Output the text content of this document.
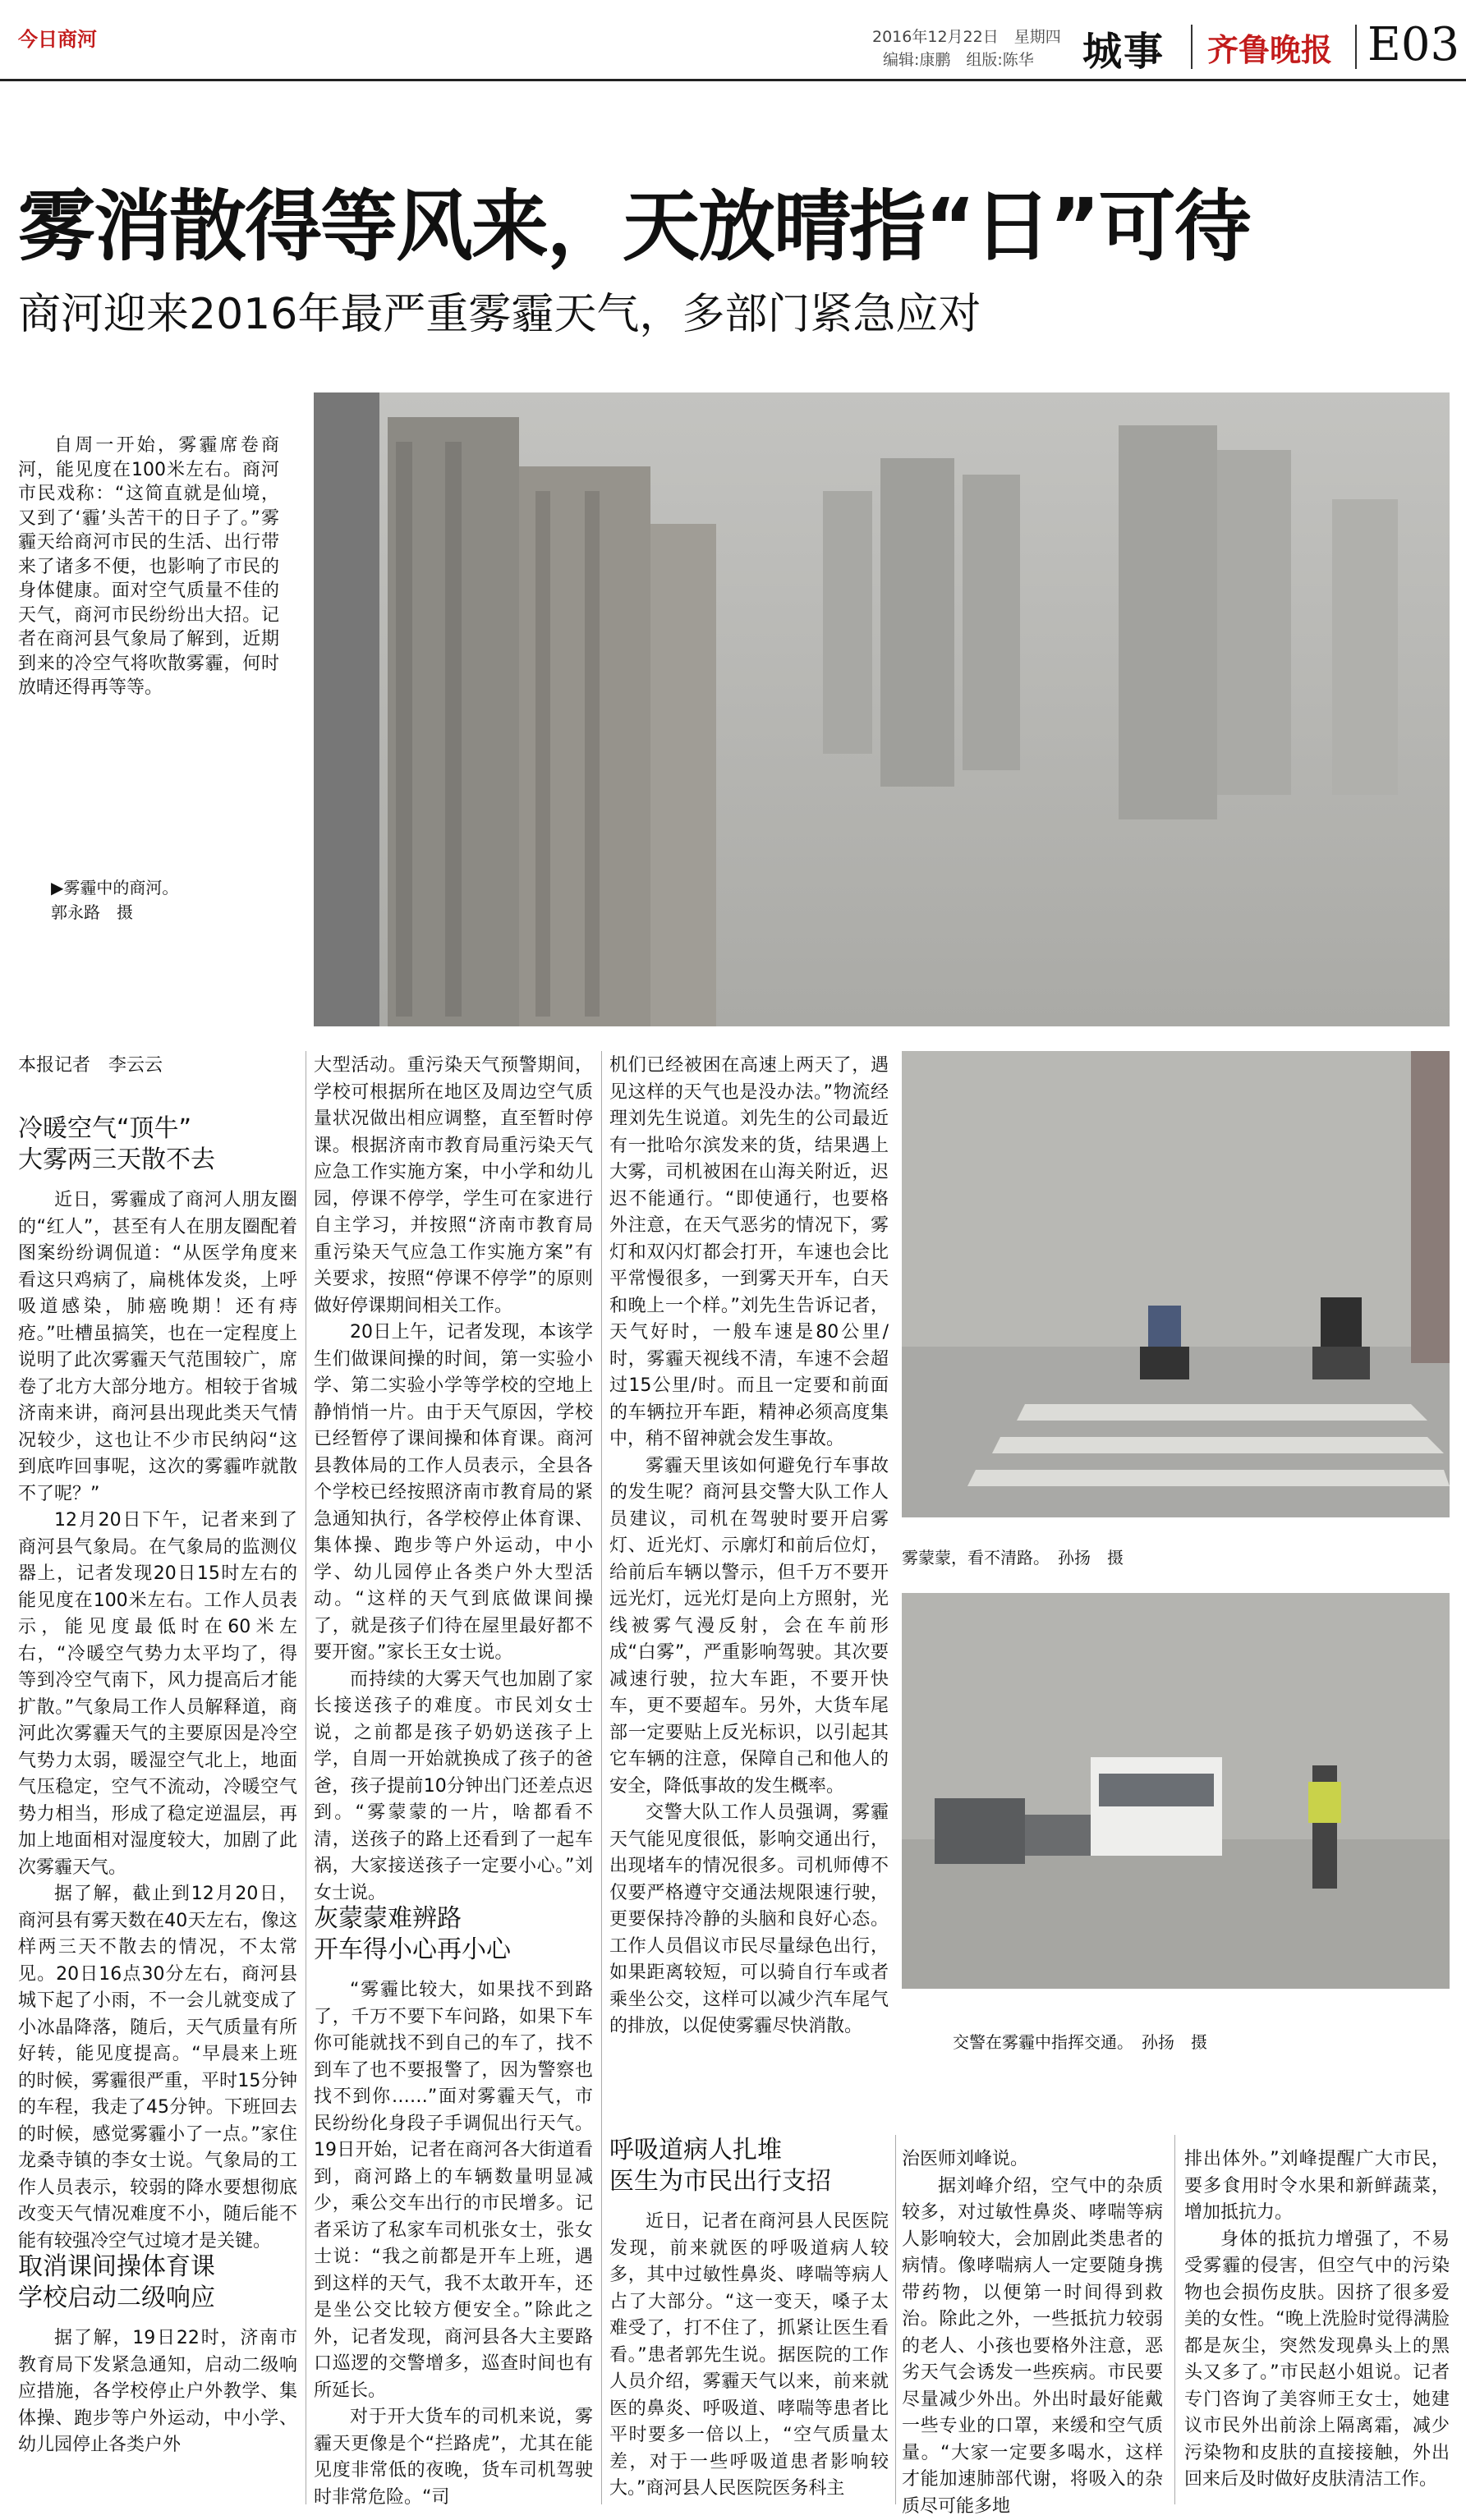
今日商河	2016年12月22日　星期四
编辑:康鹏　组版:陈华 城事 齐鲁晚报 E03
雾消散得等风来，天放晴指“日”可待
商河迎来2016年最严重雾霾天气，多部门紧急应对
自周一开始，雾霾席卷商河，能见度在100米左右。商河市民戏称：“这简直就是仙境，又到了‘霾’头苦干的日子了。”雾霾天给商河市民的生活、出行带来了诸多不便，也影响了市民的身体健康。面对空气质量不佳的天气，商河市民纷纷出大招。记者在商河县气象局了解到，近期到来的冷空气将吹散雾霾，何时放晴还得再等等。
▶雾霾中的商河。
郭永路　摄
雾蒙蒙，看不清路。　孙扬　摄
交警在雾霾中指挥交通。　孙扬　摄
本报记者　李云云
冷暖空气“顶牛”
大雾两三天散不去

近日，雾霾成了商河人朋友圈的“红人”，甚至有人在朋友圈配着图案纷纷调侃道：“从医学角度来看这只鸡病了，扁桃体发炎，上呼吸道感染，肺癌晚期！还有痔疮。”吐槽虽搞笑，也在一定程度上说明了此次雾霾天气范围较广，席卷了北方大部分地方。相较于省城济南来讲，商河县出现此类天气情况较少，这也让不少市民纳闷“这到底咋回事呢，这次的雾霾咋就散不了呢？”

12月20日下午，记者来到了商河县气象局。在气象局的监测仪器上，记者发现20日15时左右的能见度在100米左右。工作人员表示，能见度最低时在60米左右，“冷暖空气势力太平均了，得等到冷空气南下，风力提高后才能扩散。”气象局工作人员解释道，商河此次雾霾天气的主要原因是冷空气势力太弱，暖湿空气北上，地面气压稳定，空气不流动，冷暖空气势力相当，形成了稳定逆温层，再加上地面相对湿度较大，加剧了此次雾霾天气。

据了解，截止到12月20日，商河县有雾天数在40天左右，像这样两三天不散去的情况，不太常见。20日16点30分左右，商河县城下起了小雨，不一会儿就变成了小冰晶降落，随后，天气质量有所好转，能见度提高。“早晨来上班的时候，雾霾很严重，平时15分钟的车程，我走了45分钟。下班回去的时候，感觉雾霾小了一点。”家住龙桑寺镇的李女士说。气象局的工作人员表示，较弱的降水要想彻底改变天气情况难度不小，随后能不能有较强冷空气过境才是关键。

取消课间操体育课
学校启动二级响应

据了解，19日22时，济南市教育局下发紧急通知，启动二级响应措施，各学校停止户外教学、集体操、跑步等户外运动，中小学、幼儿园停止各类户外

大型活动。重污染天气预警期间，学校可根据所在地区及周边空气质量状况做出相应调整，直至暂时停课。根据济南市教育局重污染天气应急工作实施方案，中小学和幼儿园，停课不停学，学生可在家进行自主学习，并按照“济南市教育局重污染天气应急工作实施方案”有关要求，按照“停课不停学”的原则做好停课期间相关工作。

20日上午，记者发现，本该学生们做课间操的时间，第一实验小学、第二实验小学等学校的空地上静悄悄一片。由于天气原因，学校已经暂停了课间操和体育课。商河县教体局的工作人员表示，全县各个学校已经按照济南市教育局的紧急通知执行，各学校停止体育课、集体操、跑步等户外运动，中小学、幼儿园停止各类户外大型活动。“这样的天气到底做课间操了，就是孩子们待在屋里最好都不要开窗。”家长王女士说。

而持续的大雾天气也加剧了家长接送孩子的难度。市民刘女士说，之前都是孩子奶奶送孩子上学，自周一开始就换成了孩子的爸爸，孩子提前10分钟出门还差点迟到。“雾蒙蒙的一片，啥都看不清，送孩子的路上还看到了一起车祸，大家接送孩子一定要小心。”刘女士说。

灰蒙蒙难辨路
开车得小心再小心

“雾霾比较大，如果找不到路了，千万不要下车问路，如果下车你可能就找不到自己的车了，找不到车了也不要报警了，因为警察也找不到你……”面对雾霾天气，市民纷纷化身段子手调侃出行天气。19日开始，记者在商河各大街道看到，商河路上的车辆数量明显减少，乘公交车出行的市民增多。记者采访了私家车司机张女士，张女士说：“我之前都是开车上班，遇到这样的天气，我不太敢开车，还是坐公交比较方便安全。”除此之外，记者发现，商河县各大主要路口巡逻的交警增多，巡查时间也有所延长。

对于开大货车的司机来说，雾霾天更像是个“拦路虎”，尤其在能见度非常低的夜晚，货车司机驾驶时非常危险。“司

机们已经被困在高速上两天了，遇见这样的天气也是没办法。”物流经理刘先生说道。刘先生的公司最近有一批哈尔滨发来的货，结果遇上大雾，司机被困在山海关附近，迟迟不能通行。“即使通行，也要格外注意，在天气恶劣的情况下，雾灯和双闪灯都会打开，车速也会比平常慢很多，一到雾天开车，白天和晚上一个样。”刘先生告诉记者，天气好时，一般车速是80公里/时，雾霾天视线不清，车速不会超过15公里/时。而且一定要和前面的车辆拉开车距，精神必须高度集中，稍不留神就会发生事故。

雾霾天里该如何避免行车事故的发生呢？商河县交警大队工作人员建议，司机在驾驶时要开启雾灯、近光灯、示廓灯和前后位灯，给前后车辆以警示，但千万不要开远光灯，远光灯是向上方照射，光线被雾气漫反射，会在车前形成“白雾”，严重影响驾驶。其次要减速行驶，拉大车距，不要开快车，更不要超车。另外，大货车尾部一定要贴上反光标识，以引起其它车辆的注意，保障自己和他人的安全，降低事故的发生概率。

交警大队工作人员强调，雾霾天气能见度很低，影响交通出行，出现堵车的情况很多。司机师傅不仅要严格遵守交通法规限速行驶，更要保持冷静的头脑和良好心态。工作人员倡议市民尽量绿色出行，如果距离较短，可以骑自行车或者乘坐公交，这样可以减少汽车尾气的排放，以促使雾霾尽快消散。

呼吸道病人扎堆
医生为市民出行支招

近日，记者在商河县人民医院发现，前来就医的呼吸道病人较多，其中过敏性鼻炎、哮喘等病人占了大部分。“这一变天，嗓子太难受了，打不住了，抓紧让医生看看。”患者郭先生说。据医院的工作人员介绍，雾霾天气以来，前来就医的鼻炎、呼吸道、哮喘等患者比平时要多一倍以上，“空气质量太差，对于一些呼吸道患者影响较大。”商河县人民医院医务科主

治医师刘峰说。

据刘峰介绍，空气中的杂质较多，对过敏性鼻炎、哮喘等病人影响较大，会加剧此类患者的病情。像哮喘病人一定要随身携带药物，以便第一时间得到救治。除此之外，一些抵抗力较弱的老人、小孩也要格外注意，恶劣天气会诱发一些疾病。市民要尽量减少外出。外出时最好能戴一些专业的口罩，来缓和空气质量。“大家一定要多喝水，这样才能加速肺部代谢，将吸入的杂质尽可能多地

排出体外。”刘峰提醒广大市民，要多食用时令水果和新鲜蔬菜，增加抵抗力。

身体的抵抗力增强了，不易受雾霾的侵害，但空气中的污染物也会损伤皮肤。因挤了很多爱美的女性。“晚上洗脸时觉得满脸都是灰尘，突然发现鼻头上的黑头又多了。”市民赵小姐说。记者专门咨询了美容师王女士，她建议市民外出前涂上隔离霜，减少污染物和皮肤的直接接触，外出回来后及时做好皮肤清洁工作。
